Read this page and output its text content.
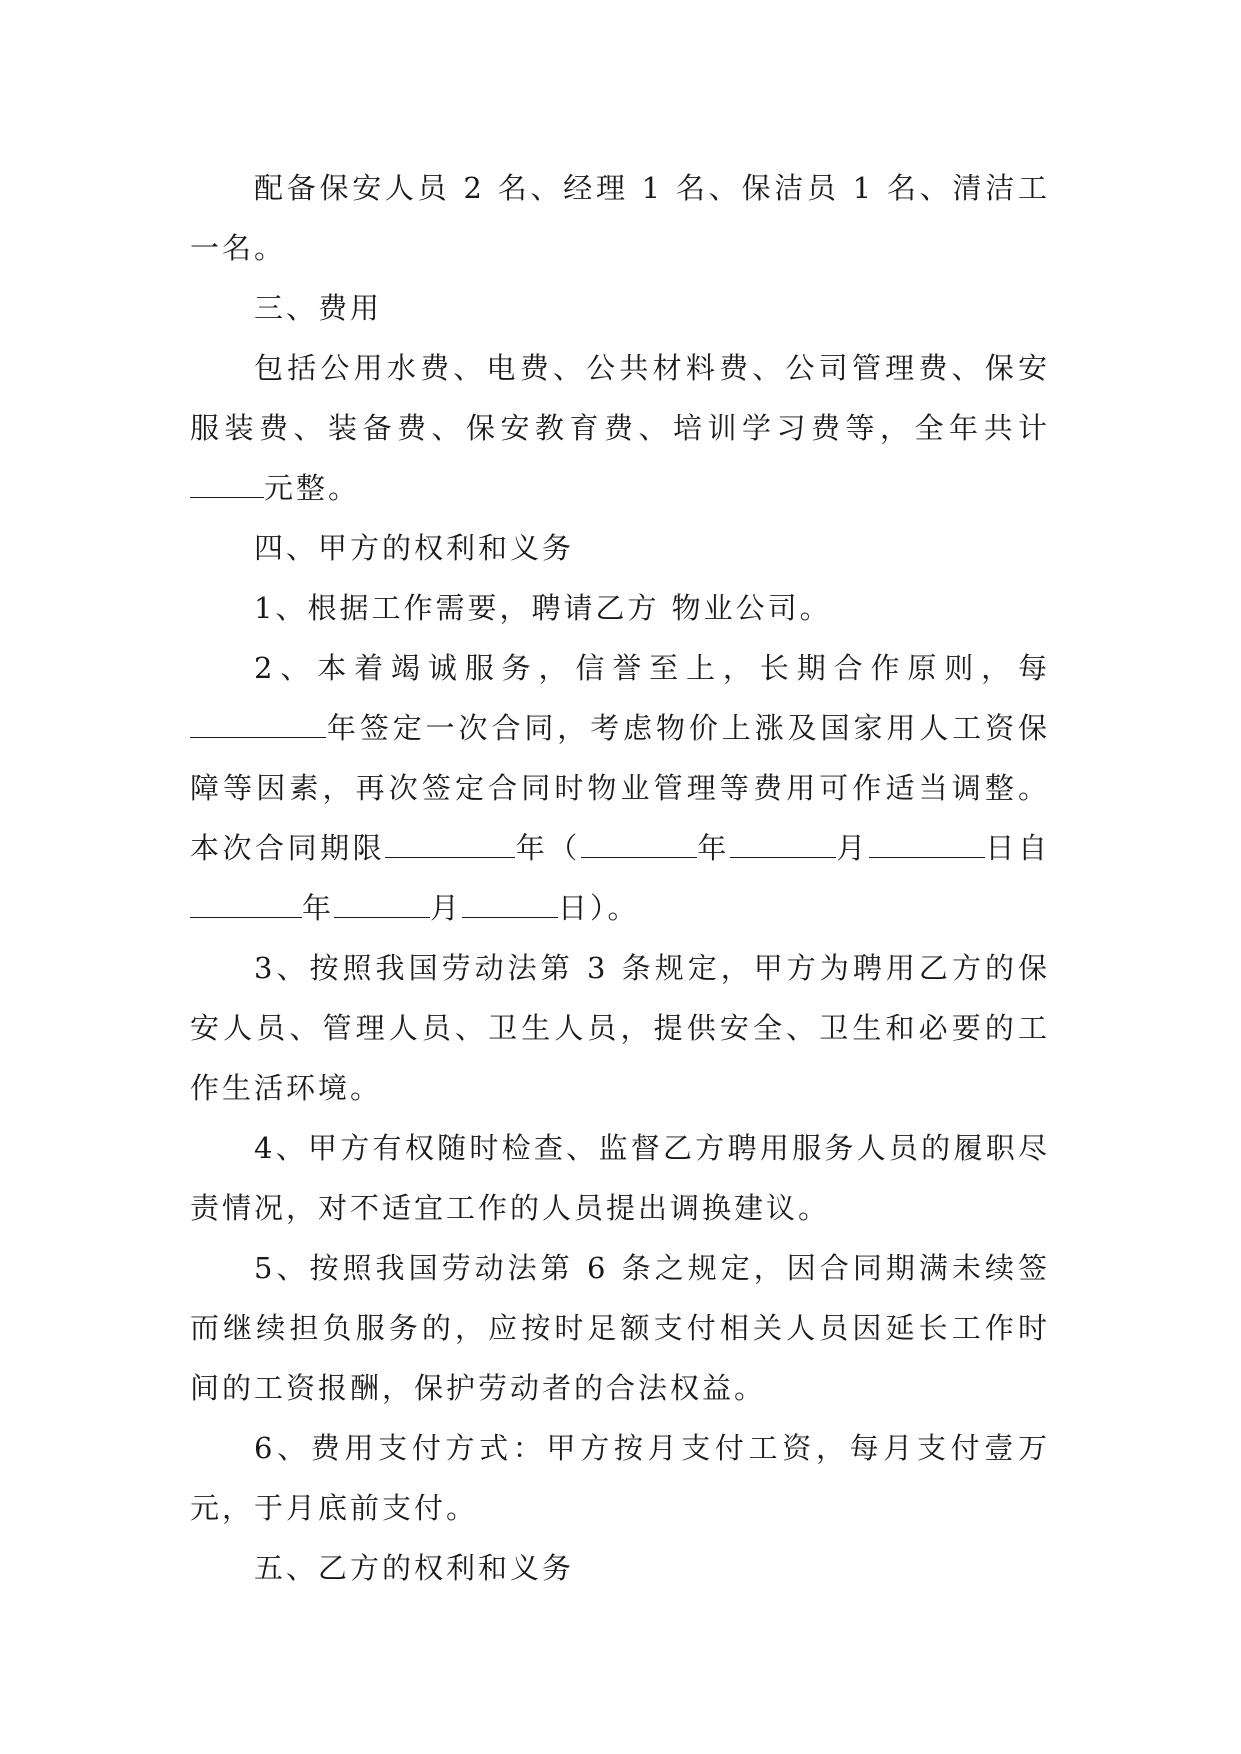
配备保安人员 2 名、经理 1 名、保洁员 1 名、清洁工一名。

三、费用

包括公用水费、电费、公共材料费、公司管理费、保安服装费、装备费、保安教育费、培训学习费等，全年共计元整。

四、甲方的权利和义务

1、根据工作需要，聘请乙方 物业公司。

2、本着竭诚服务，信誉至上，长期合作原则，每年签定一次合同，考虑物价上涨及国家用人工资保障等因素，再次签定合同时物业管理等费用可作适当调整。本次合同期限	年（	年	月	日自年	月	日）。

3、按照我国劳动法第 3 条规定，甲方为聘用乙方的保安人员、管理人员、卫生人员，提供安全、卫生和必要的工作生活环境。

4、甲方有权随时检查、监督乙方聘用服务人员的履职尽责情况，对不适宜工作的人员提出调换建议。

5、按照我国劳动法第 6 条之规定，因合同期满未续签而继续担负服务的，应按时足额支付相关人员因延长工作时间的工资报酬，保护劳动者的合法权益。

6、费用支付方式：甲方按月支付工资，每月支付壹万元，于月底前支付。

五、乙方的权利和义务
